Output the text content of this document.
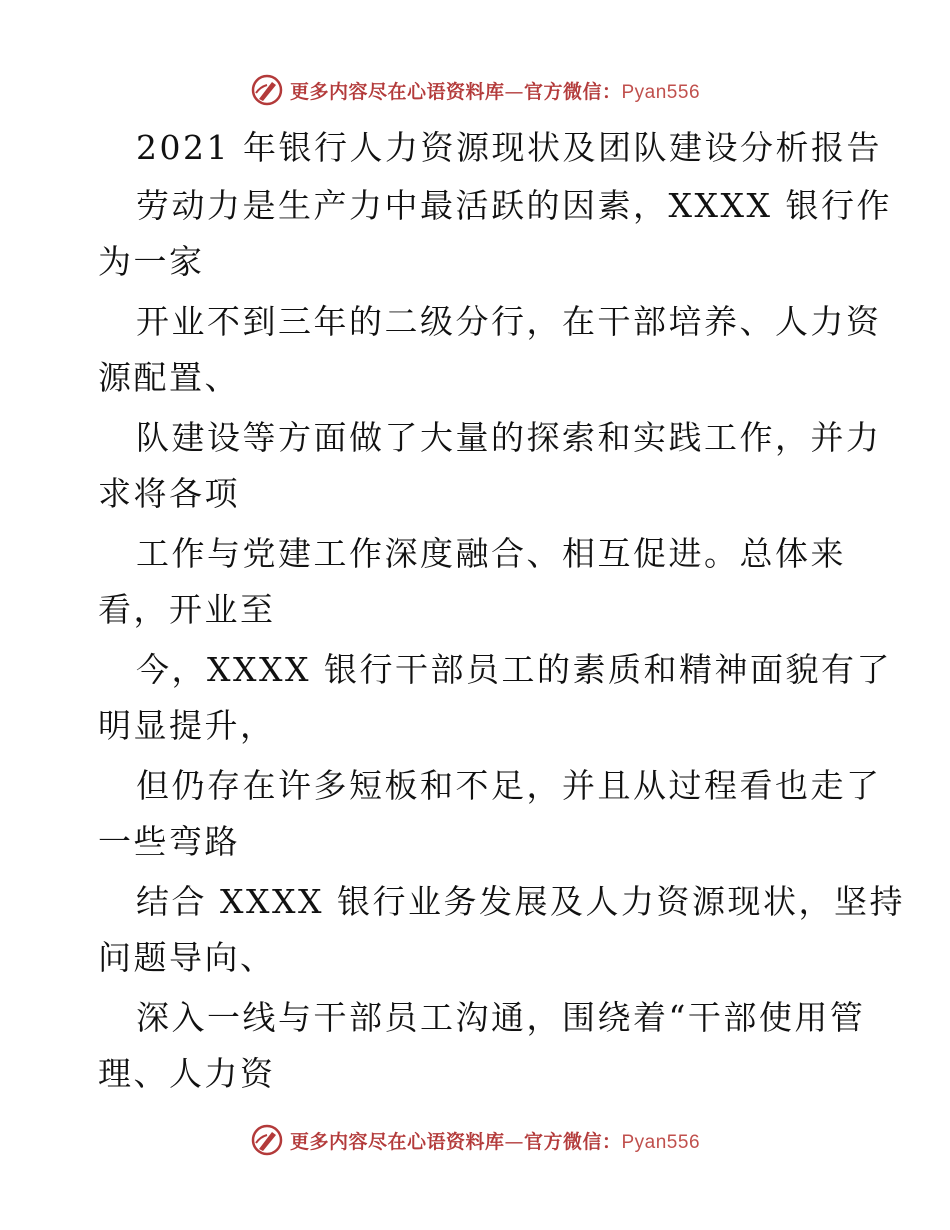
更多内容尽在心语资料库—官方微信：Pyan556
2021 年银行人力资源现状及团队建设分析报告
劳动力是生产力中最活跃的因素，XXXX 银行作
为一家
开业不到三年的二级分行，在干部培养、人力资
源配置、
队建设等方面做了大量的探索和实践工作，并力
求将各项
工作与党建工作深度融合、相互促进。总体来
看，开业至
今，XXXX 银行干部员工的素质和精神面貌有了
明显提升，
但仍存在许多短板和不足，并且从过程看也走了
一些弯路
结合 XXXX 银行业务发展及人力资源现状，坚持
问题导向、
深入一线与干部员工沟通，围绕着“干部使用管
理、人力资
更多内容尽在心语资料库—官方微信：Pyan556
